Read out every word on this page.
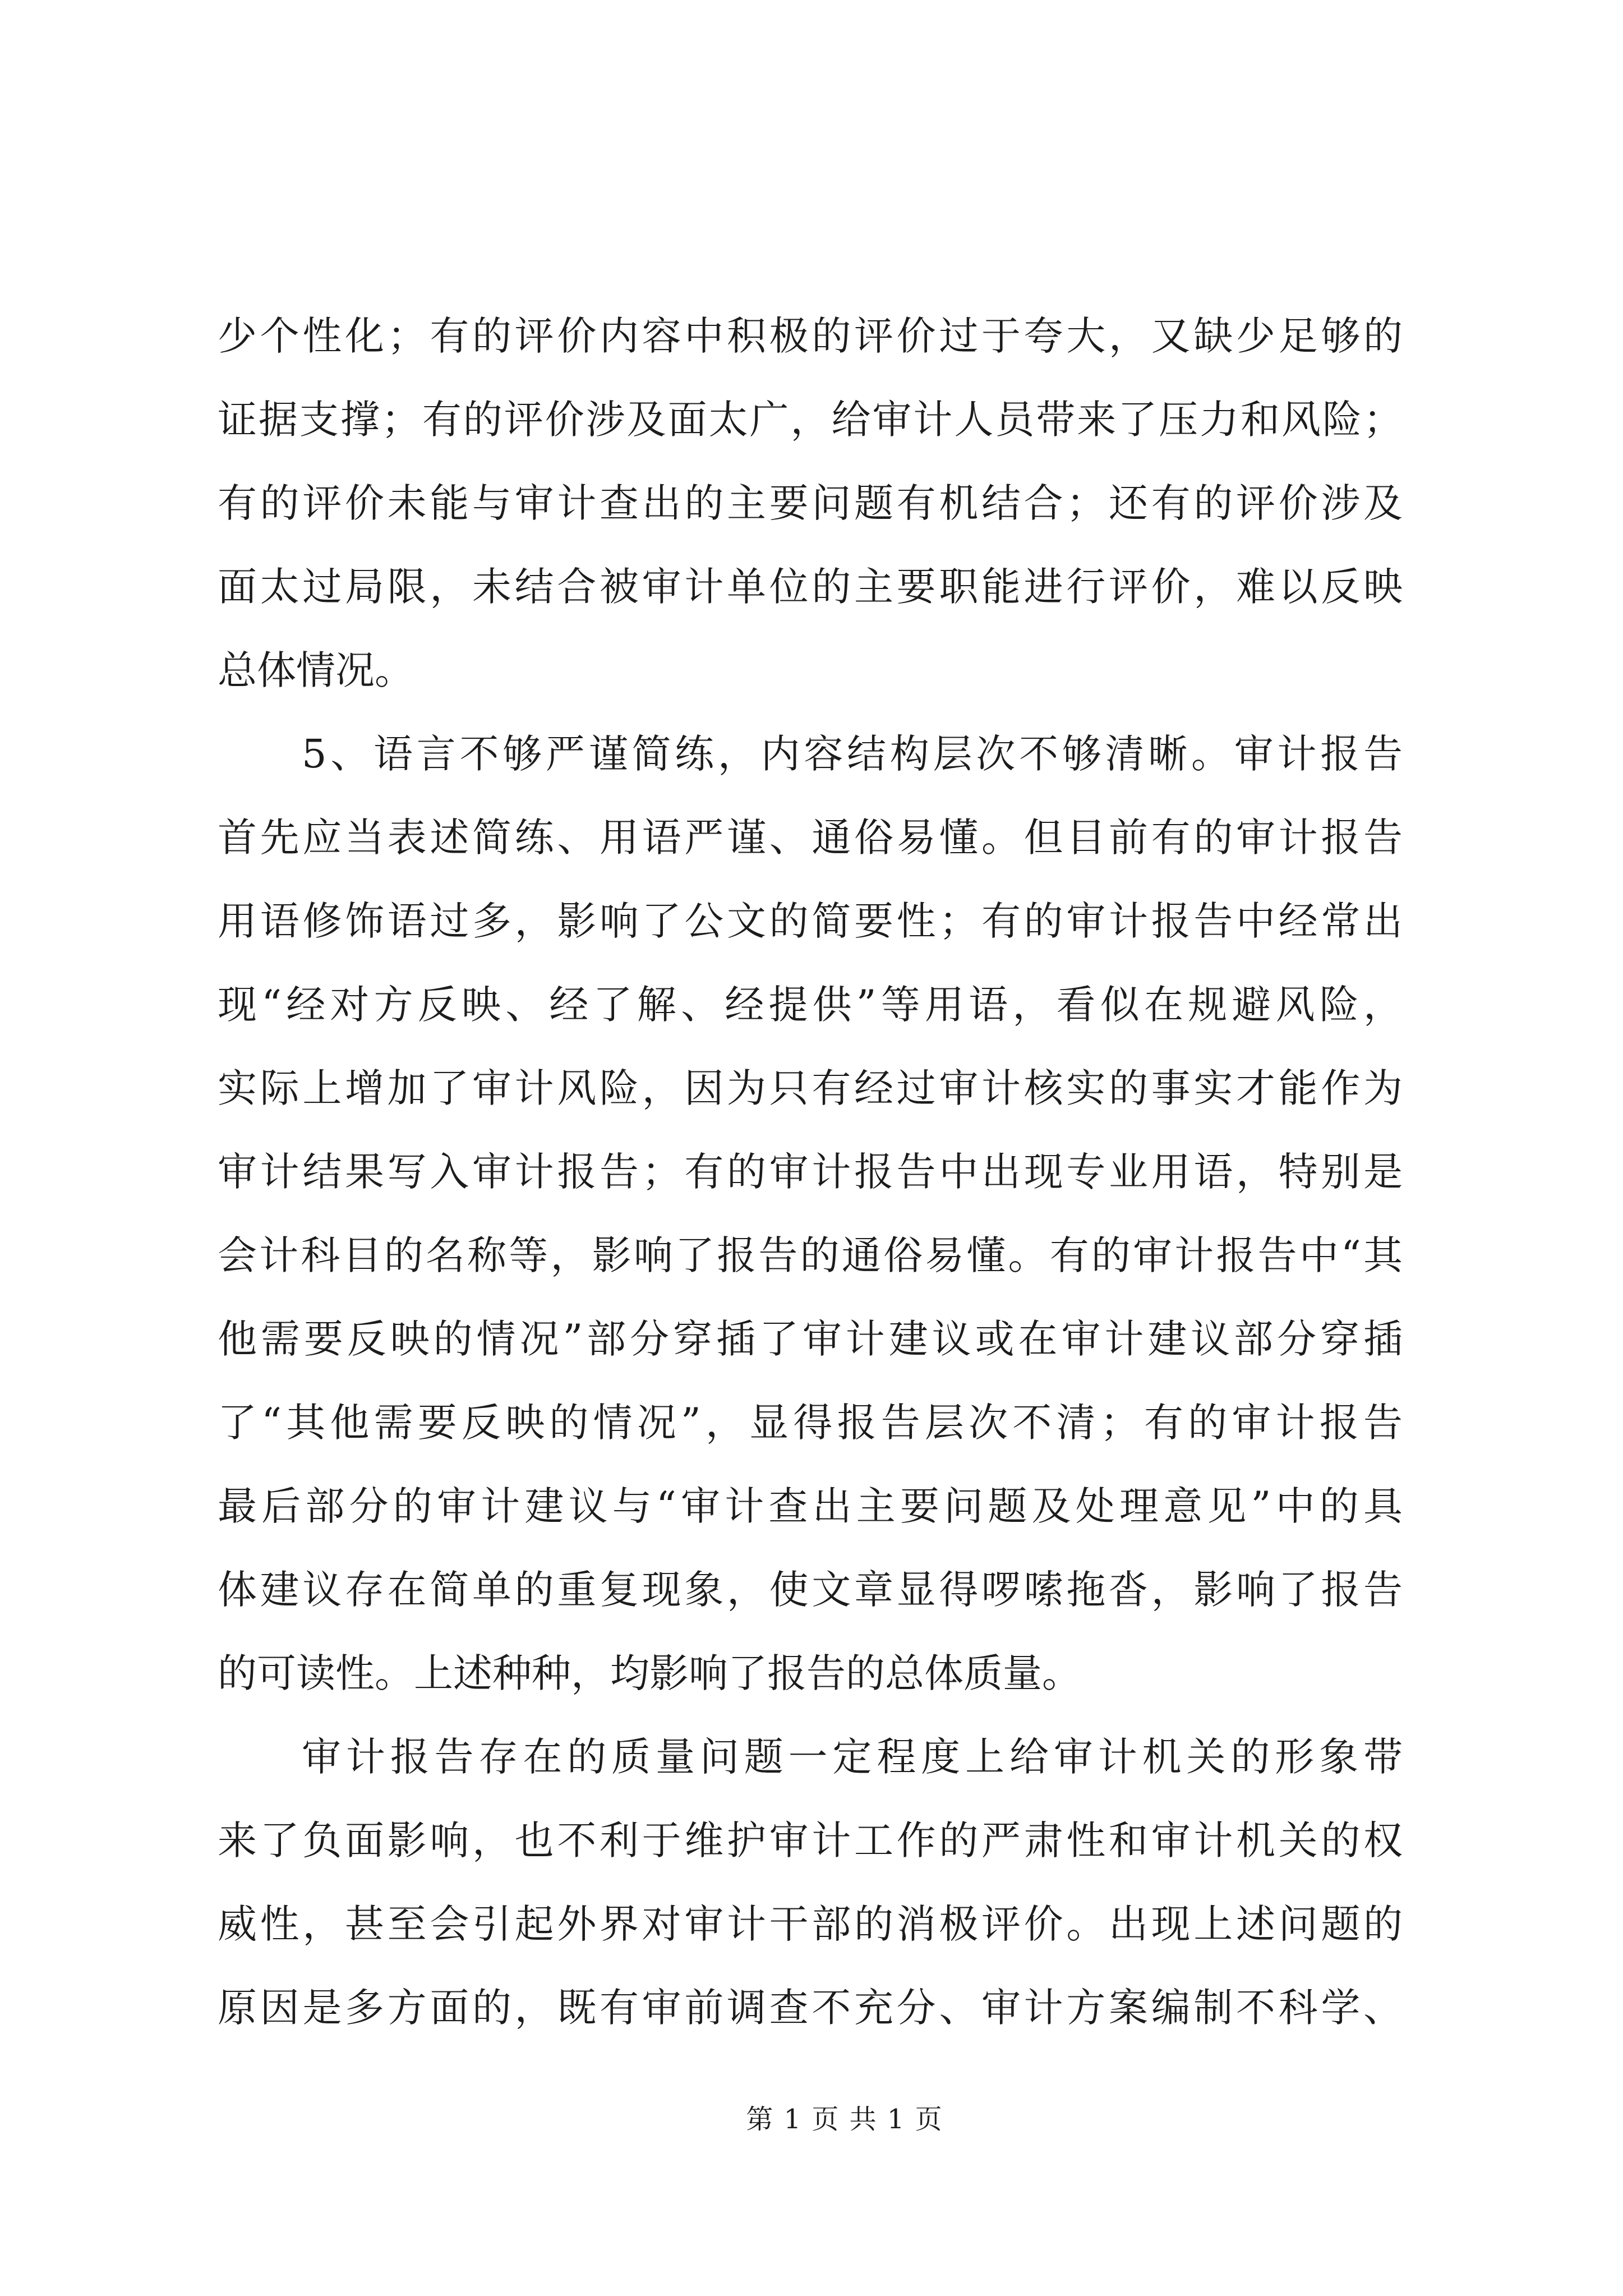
少个性化；有的评价内容中积极的评价过于夸大，又缺少足够的
证据支撑；有的评价涉及面太广，给审计人员带来了压力和风险；
有的评价未能与审计查出的主要问题有机结合；还有的评价涉及
面太过局限，未结合被审计单位的主要职能进行评价，难以反映
总体情况。
5、语言不够严谨简练，内容结构层次不够清晰。审计报告
首先应当表述简练、用语严谨、通俗易懂。但目前有的审计报告
用语修饰语过多，影响了公文的简要性；有的审计报告中经常出
现“经对方反映、经了解、经提供”等用语，看似在规避风险，
实际上增加了审计风险，因为只有经过审计核实的事实才能作为
审计结果写入审计报告；有的审计报告中出现专业用语，特别是
会计科目的名称等，影响了报告的通俗易懂。有的审计报告中“其
他需要反映的情况”部分穿插了审计建议或在审计建议部分穿插
了“其他需要反映的情况”，显得报告层次不清；有的审计报告
最后部分的审计建议与“审计查出主要问题及处理意见”中的具
体建议存在简单的重复现象，使文章显得啰嗦拖沓，影响了报告
的可读性。上述种种，均影响了报告的总体质量。
审计报告存在的质量问题一定程度上给审计机关的形象带
来了负面影响，也不利于维护审计工作的严肃性和审计机关的权
威性，甚至会引起外界对审计干部的消极评价。出现上述问题的
原因是多方面的，既有审前调查不充分、审计方案编制不科学、
第 1 页 共 1 页
